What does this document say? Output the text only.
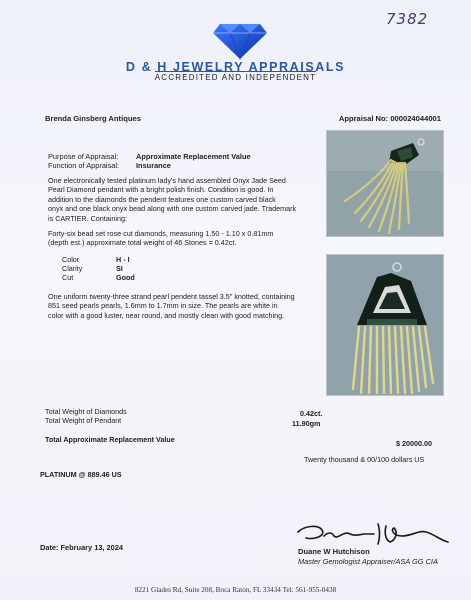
7382
D & H JEWELRY APPRAISALS
ACCREDITED AND INDEPENDENT
Brenda Ginsberg Antiques	Appraisal No: 000024044001
Purpose of Appraisal: Approximate Replacement Value
Function of Appraisal: Insurance
One electronically tested platinum lady's hand assembled Onyx Jade Seed
Pearl Diamond pendant with a bright polish finish. Condition is good. In
addition to the diamonds the pendent features one custom carved black
onyx and one black onyx bead along with one custom carved jade. Trademark
is CARTIER. Containing:
Forty-six bead set rose cut diamonds, measuring 1.50 - 1.10 x 0.81mm
(depth est.) approximate total weight of 46 Stones = 0.42ct.
Color	H - I
Clarity	SI
Cut	Good
One uniform twenty-three strand pearl pendent tassel 3.5" knotted, containing
851 seed pearls pearls, 1.6mm to 1.7mm in size. The pearls are white in
color with a good luster, near round, and mostly clean with good matching.
Total Weight of Diamonds	0.42ct.
Total Weight of Pendant	11.90gm
Total Approximate Replacement Value	$ 20000.00
Twenty thousand & 00/100 dollars US
PLATINUM @ 889.46 US
Date: February 13, 2024	Duane W Hutchison
Master Gemologist Appraiser/ASA GG CIA
8221 Glades Rd, Suite 208, Boca Raton, FL 33434 Tel: 561-955-0438
